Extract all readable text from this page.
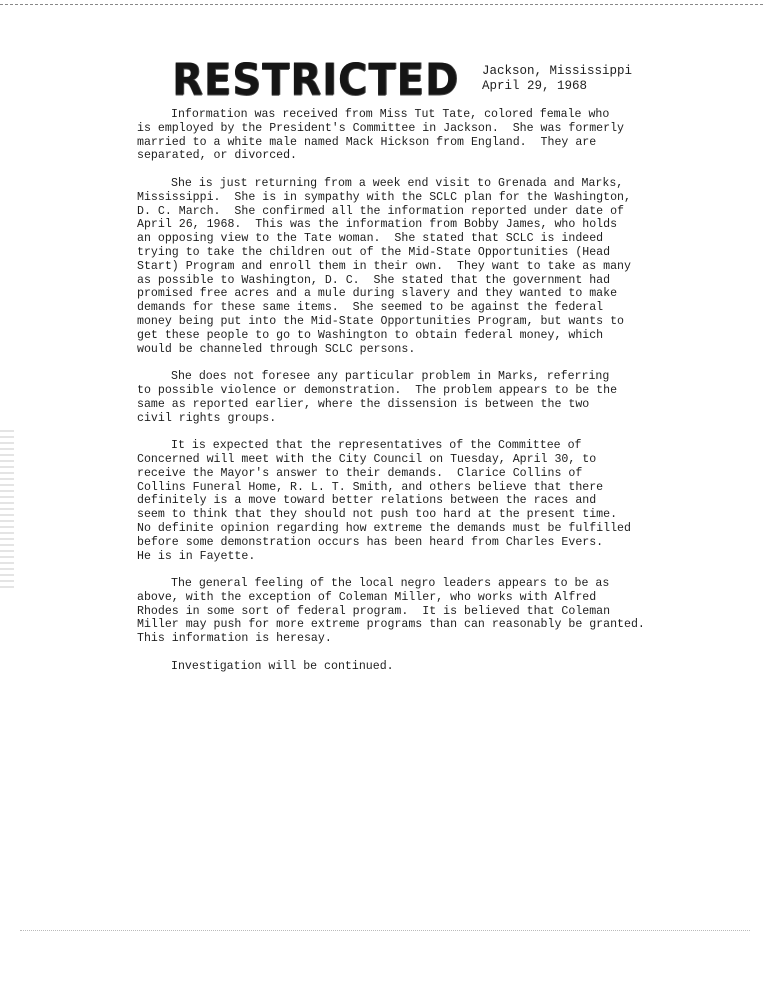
RESTRICTED Jackson, Mississippi
April 29, 1968
Information was received from Miss Tut Tate, colored female who
is employed by the President's Committee in Jackson.  She was formerly
married to a white male named Mack Hickson from England.  They are
separated, or divorced.
She is just returning from a week end visit to Grenada and Marks,
Mississippi.  She is in sympathy with the SCLC plan for the Washington,
D. C. March.  She confirmed all the information reported under date of
April 26, 1968.  This was the information from Bobby James, who holds
an opposing view to the Tate woman.  She stated that SCLC is indeed
trying to take the children out of the Mid-State Opportunities (Head
Start) Program and enroll them in their own.  They want to take as many
as possible to Washington, D. C.  She stated that the government had
promised free acres and a mule during slavery and they wanted to make
demands for these same items.  She seemed to be against the federal
money being put into the Mid-State Opportunities Program, but wants to
get these people to go to Washington to obtain federal money, which
would be channeled through SCLC persons.
She does not foresee any particular problem in Marks, referring
to possible violence or demonstration.  The problem appears to be the
same as reported earlier, where the dissension is between the two
civil rights groups.
It is expected that the representatives of the Committee of
Concerned will meet with the City Council on Tuesday, April 30, to
receive the Mayor's answer to their demands.  Clarice Collins of
Collins Funeral Home, R. L. T. Smith, and others believe that there
definitely is a move toward better relations between the races and
seem to think that they should not push too hard at the present time.
No definite opinion regarding how extreme the demands must be fulfilled
before some demonstration occurs has been heard from Charles Evers.
He is in Fayette.
The general feeling of the local negro leaders appears to be as
above, with the exception of Coleman Miller, who works with Alfred
Rhodes in some sort of federal program.  It is believed that Coleman
Miller may push for more extreme programs than can reasonably be granted.
This information is heresay.
Investigation will be continued.
